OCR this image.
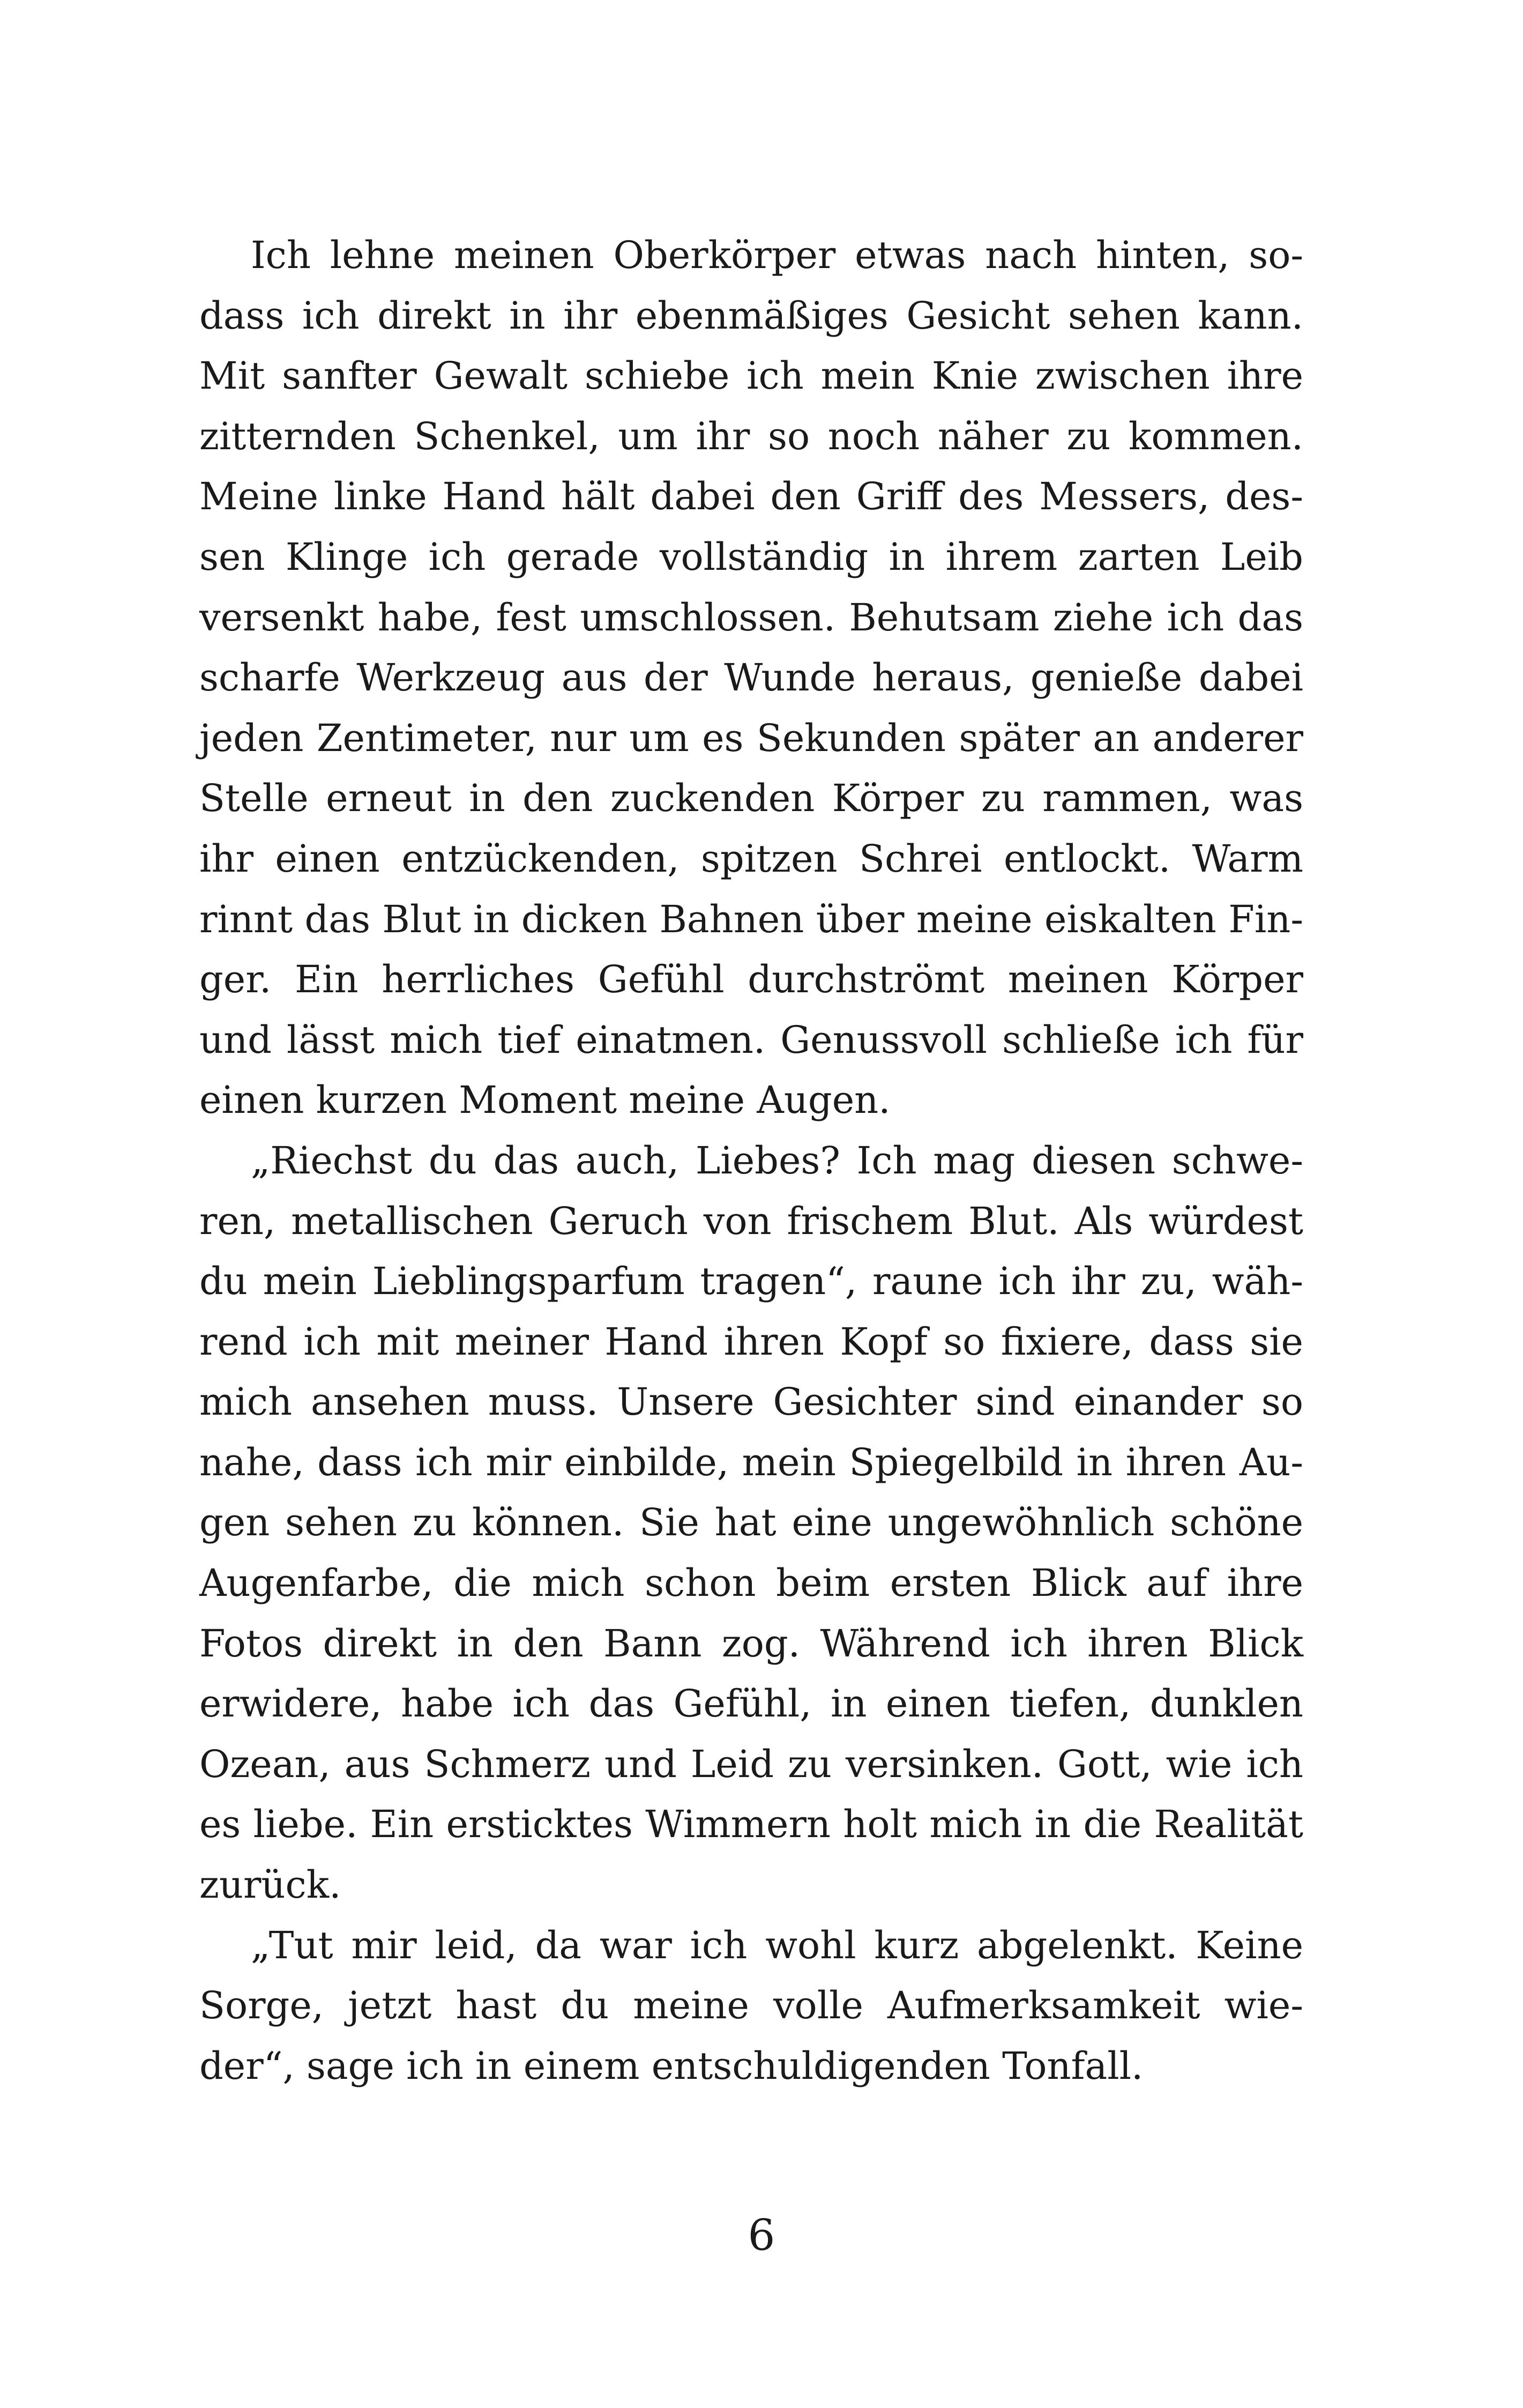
Ich lehne meinen Oberkörper etwas nach hinten, so-
dass ich direkt in ihr ebenmäßiges Gesicht sehen kann.
Mit sanfter Gewalt schiebe ich mein Knie zwischen ihre
zitternden Schenkel, um ihr so noch näher zu kommen.
Meine linke Hand hält dabei den Griff des Messers, des-
sen Klinge ich gerade vollständig in ihrem zarten Leib
versenkt habe, fest umschlossen. Behutsam ziehe ich das
scharfe Werkzeug aus der Wunde heraus, genieße dabei
jeden Zentimeter, nur um es Sekunden später an anderer
Stelle erneut in den zuckenden Körper zu rammen, was
ihr einen entzückenden, spitzen Schrei entlockt. Warm
rinnt das Blut in dicken Bahnen über meine eiskalten Fin-
ger. Ein herrliches Gefühl durchströmt meinen Körper
und lässt mich tief einatmen. Genussvoll schließe ich für
einen kurzen Moment meine Augen.
„Riechst du das auch, Liebes? Ich mag diesen schwe-
ren, metallischen Geruch von frischem Blut. Als würdest
du mein Lieblingsparfum tragen“, raune ich ihr zu, wäh-
rend ich mit meiner Hand ihren Kopf so fixiere, dass sie
mich ansehen muss. Unsere Gesichter sind einander so
nahe, dass ich mir einbilde, mein Spiegelbild in ihren Au-
gen sehen zu können. Sie hat eine ungewöhnlich schöne
Augenfarbe, die mich schon beim ersten Blick auf ihre
Fotos direkt in den Bann zog. Während ich ihren Blick
erwidere, habe ich das Gefühl, in einen tiefen, dunklen
Ozean, aus Schmerz und Leid zu versinken. Gott, wie ich
es liebe. Ein ersticktes Wimmern holt mich in die Realität
zurück.
„Tut mir leid, da war ich wohl kurz abgelenkt. Keine
Sorge, jetzt hast du meine volle Aufmerksamkeit wie-
der“, sage ich in einem entschuldigenden Tonfall.
6
